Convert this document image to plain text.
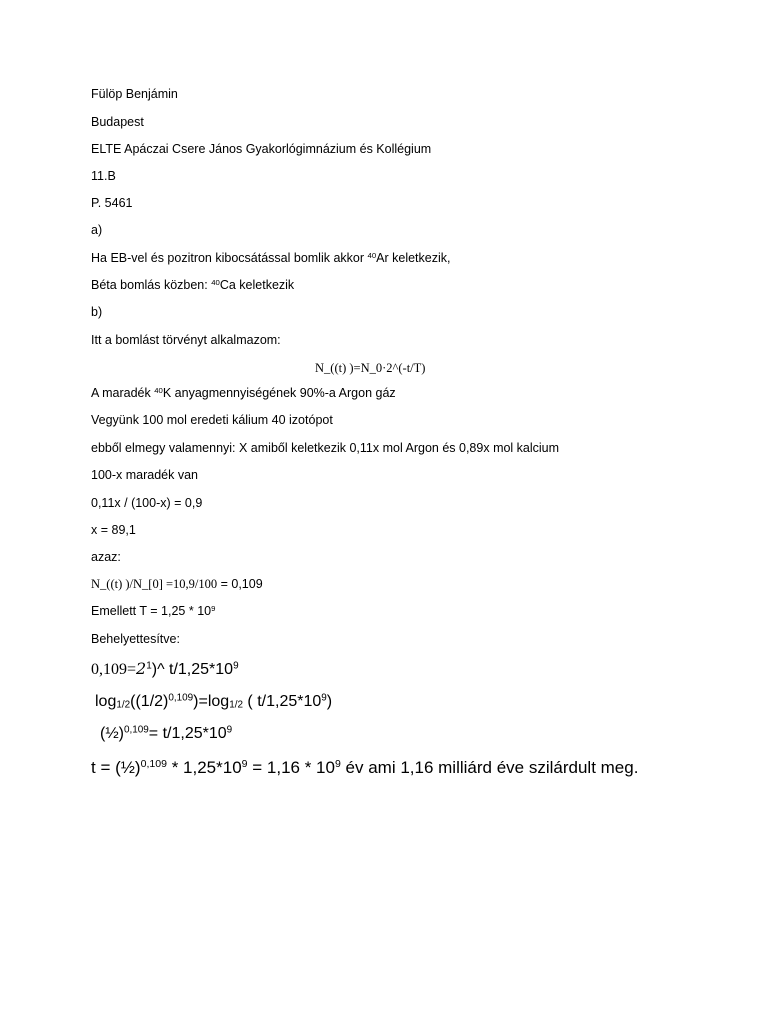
Fülöp Benjámin
Budapest
ELTE Apáczai Csere János Gyakorlógimnázium és Kollégium
11.B
P. 5461
a)
Ha EB-vel és pozitron kibocsátással bomlik akkor $^{40}$Ar keletkezik,
Béta bomlás közben: $^{40}$Ca keletkezik
b)
Itt a bomlást törvényt alkalmazom:
N_((t) )=N_0·2^(-t/T)
A maradék $^{40}$K anyagmennyiségének 90%-a Argon gáz
Vegyünk 100 mol eredeti kálium 40 izotópot
ebből elmegy valamennyi: X amiből keletkezik 0,11x mol Argon és 0,89x mol kalcium
100-x maradék van
0,11x / (100-x) = 0,9
x = 89,1
azaz:
N_((t) )/N_[0] =10,9/100 = 0,109
Emellett $T = 1,25 * 10^9$
Behelyettesítve:
$0,109=2^1)\^{}$ $t/1,25*10^9$
$\log_{1/2}((1/2)^{0,109})=\log_{1/2}$ ( $t/1,25*10^9$)
(½)$^{0,109}$= $t/1,25*10^9$
t = (½)$^{0,109}$ * $1,25*10^9 = 1,16 * 10^9$ év ami 1,16 milliárd éve szilárdult meg.
